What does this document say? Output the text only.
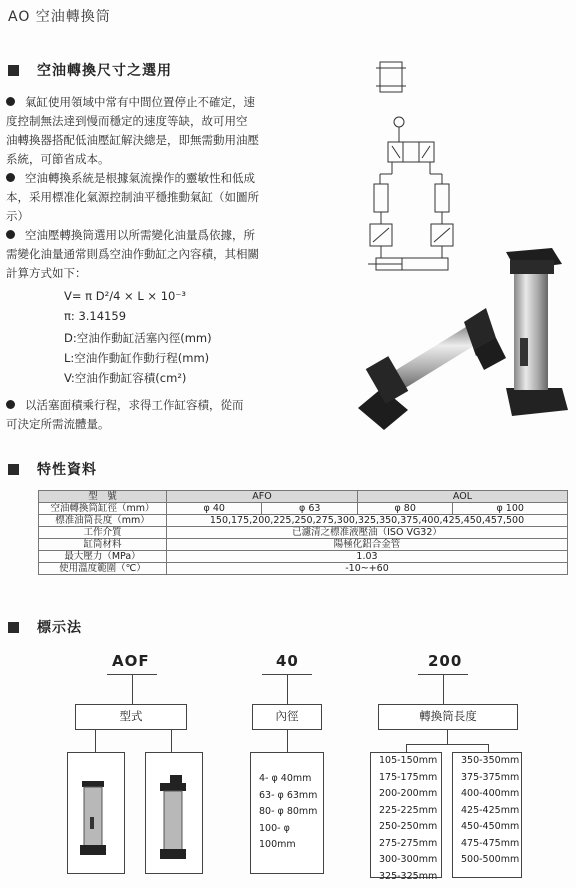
AO 空油轉換筒
空油轉換尺寸之選用
氣缸使用領域中常有中間位置停止不確定，速
度控制無法達到慢而穩定的速度等缺，故可用空
油轉換器搭配低油壓缸解決總是，即無需動用油壓
系統，可節省成本。
空油轉換系統是根據氣流操作的靈敏性和低成
本，采用標准化氣源控制油平穩推動氣缸（如圖所
示）
空油壓轉換筒選用以所需變化油量爲依據，所
需變化油量通常則爲空油作動缸之內容積，其相關
計算方式如下：
V= π D²/4 × L × 10⁻³
π: 3.14159
D:空油作動缸活塞內徑(mm)
L:空油作動缸作動行程(mm)
V:空油作動缸容積(cm²)
以活塞面積乘行程，求得工作缸容積，從而
可決定所需流體量。
特性資料
型　號	AFO		AOL	
空油轉換筒缸徑（mm）	φ 40	φ 63	φ 80	φ 100
標准油筒長度（mm）	150,175,200,225,250,275,300,325,350,375,400,425,450,457,500			
工作介質	已濾清之標准液壓油（ISO VG32）			
缸筒材料	陽極化鋁合金管			
最大壓力（MPa）	1.03			
使用溫度範圍（℃）	-10~+60			
標示法
AOF	40	200
型式	內徑	轉換筒長度
4- φ 40mm
63- φ 63mm
80- φ 80mm
100- φ 100mm
105-150mm
175-175mm
200-200mm
225-225mm
250-250mm
275-275mm
300-300mm
325-325mm
350-350mm
375-375mm
400-400mm
425-425mm
450-450mm
475-475mm
500-500mm
